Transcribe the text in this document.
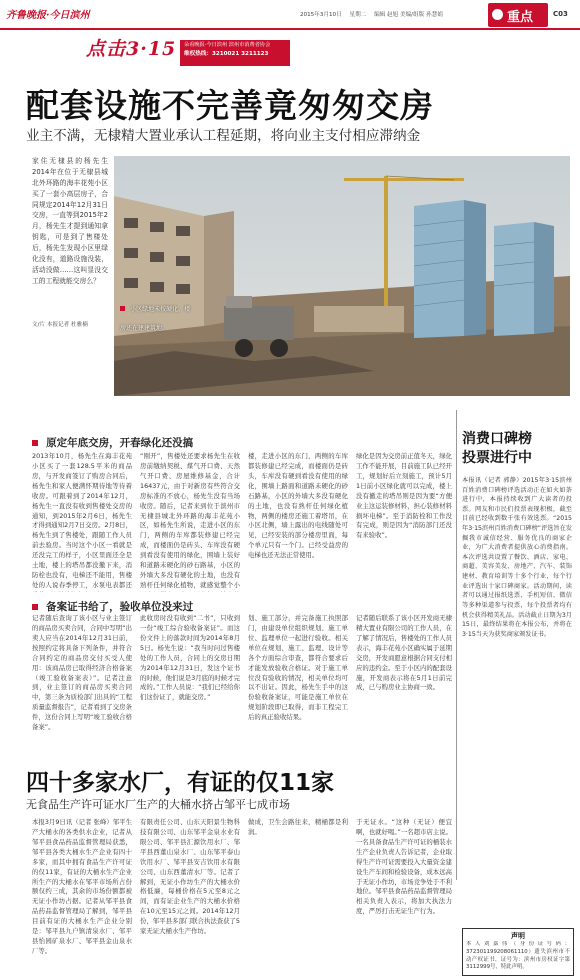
齐鲁晚报·今日滨州	2015年3月10日 星期二 编辑 赵旭 美编/组版 孙慧娟	重点	C03
点击3·15	朵看晚报·今日滨州 滨州市消费者协会
维权热线：3210021 3211123
配套设施不完善竟匆匆交房
业主不满，无棣精大置业承认工程延期，将向业主支付相应滞纳金
家住无棣县的杨先生2014年在位于无棣县城北外环路的海丰花苑小区买了一套小高层房子，合同规定2014年12月31日交房，一直等到2015年2月，杨先生才提到通知拿钥匙，可是到了售楼处后，杨先生发现小区里绿化没有，道路设施没装，活动没做……这叫显没交工的工程就能交房么？
文/片 本报记者 杜雅楠
小区绿地未按硬化，楼房还在建建筑地。
原定年底交房，开春绿化还没搞
2013年10月，杨先生在海丰花苑小区买了一套128.5平米的商品房，与开发商签订了购房合同后，杨先生和家人便满怀期待地等待着收房。可跟着到了2014年12月，杨先生一直没有收到售楼处交房的通知，到2015年2月6日，杨先生才得到通知2月7日交房。2月8日，杨先生到了售楼处，跟随工作人员前去验房。当时这个小区一看就是还没完工的样子，小区里面还全是土地，楼上的塔吊都没撤下来，消防栓也没有，电梯还不能用，售楼处的人说春季停工，水泵电表都还
“刚开”，售楼处还要求杨先生在收房前缴纳契税、煤气开口费、天然气开口费、房屋维修基金，合计16437元，由于对新房有些符合交房标准的不放心，杨先生没有当场收房。随后，记者来到位于滨州市无棣县城北外环路的海丰花苑小区，如杨先生所说，走进小区的东门，两侧的车库都装修建已经完成，而楼面仍是砖头、车库没有硬到看没有使用的绿化，围墙上装好和道路未硬化的砂石路基，小区的外墙大多没有硬化的土地，也没有熟杆任何绿化植物，就感觉整个小
楼，走进小区的东门，两侧的车库都装修建已经完成，而楼面仍是砖头，车库没有硬到看没有使用的绿化，围墙上路面和道路未硬化的砂石路基，小区的外墙大多没有硬化的土地，也没有熟杆任何绿化植物，两侧的楼房还施工着塔吊，在小区北侧，墙上露出的电线随处可见，已经安装的部分楼房里面，每个单元只有一个门。已经受益房的电梯也还无法正常使用。
绿化是因为交房前正值冬天，绿化工作不能开展，目前施工队已经开工，规划好后立刻施工，预计5月1日前小区绿化就可以完成，楼上没有撤走的塔吊则是因为要“方便业主这运装修材料，担心装修材料损坏电梯”。至于消防栓和工作没有完成，则是因为“消防部门还没有来验收”。
备案证书给了，验收单位没来过
记者随后查询了该小区与业主签订的商品房买卖合同，合同中写明“出卖人应当在2014年12月31日前，按照约定将具备下列条件，并符合合同约定的商品房交付买受人使用：该商品房已取得经济合格备案（竣工验收备案表）”。记者注意到，业主签订的商品房买卖合同中，第三条为质检部门出具的“工程质量监督报告”，记者看到了交房条件，这份合同上写明“竣工验收合格备案”。
此收房时没有收到“二书”，只收到一份“竣工综合验收备案证”。而这份文件上的落款时间为2014年8月5日。杨先生说：“我当时问过售楼处的工作人员，合同上的交房日期为2014年12月31日，发这个证书的时候，他们说是3月底的时候才完成的。”工作人员说：“我们已经给你们这份证了，就能交房。”
划、施工部分，并完备施工执照部门，由建设单位组织规划、施工单位、监理单位一起进行验收。相关单位在规划、施工、监理、设计等各个方面综合审查，都符合要求后才能发放验收合格证。对于施工单位没有验收的情况，相关单位均可以不出证。因此，杨先生手中的这份验收备案证，可能是施工单位在规划阶段即已取得，而非工程完工后的真正验收结果。
记者随后联系了该小区开发商无棣精大置业有限公司的工作人员，在了解了情况后，售楼处的工作人员表示，海丰花苑小区确实属于延期交房，开发商愿意根据合同支付相应的违约金。至于小区内的配套设施，开发商表示将在5月1日前完成，已与购房业主协商一致。
消费口碑榜
投票进行中
本报讯（记者 郭静）2015年3·15滨州百姓消费口碑榜评选活动正在如火如荼进行中，本报持续收到广大读者的投票。网友和市民们投票表现积极，截至目前已经收到数千张有效选票。“2015年3·15滨州百姓消费口碑榜”评选旨在发掘我市诚信经营、服务优良的商家企业，为广大消费者提供放心消费指南。本次评选共设置了餐饮、酒店、家电、商超、美容美发、房地产、汽车、装饰建材、教育培训等十多个行业，每个行业评选出十家口碑商家。活动期间，读者可以通过报纸选票、手机短信、微信等多种渠道参与投票，每个投票者均有机会获得精美礼品。活动截止日期为3月15日，最终结果将在本报公布，并将在3·15当天为获奖商家颁发证书。
声明
本人刘嘉伟（身份证号码：372301199208061110）遗失滨州市不动产权证书，证号为：滨州市房权证字第3112999号，特此声明。
四十多家水厂，有证的仅11家
无食品生产许可证水厂生产的大桶水挤占邹平七成市场
本报3月9日讯（记者 张峰）邹平生产大桶水的各类供水企业，记者从邹平县食品药品监督管理局获悉，邹平县各类大桶水生产企业有四十多家，而其中拥有食品生产许可证的仅11家，有证的大桶水生产企业所生产的大桶水在邹平市场所占份额仅约三成，其余的市场份额都被无证小作坊占据。记者从邹平县食品药品监督管理局了解到，邹平县目前有证的大桶水生产企业分别是：邹平县九户镇清泉水厂、邹平县怡园矿泉水厂、邹平县金山泉水厂等。
有限责任公司、山东天阳景生物科技有限公司、山东邹平金泉水业有限公司、邹平县汇源饮用水厂、邹平县西董山泉水厂、山东邹平泰山饮用水厂、邹平县安吉饮用水有限公司、山东西董清水厂等。记者了解到，无证小作坊生产的大桶水价格低廉，每桶价格在5元至8元之间，而有证企业生产的大桶水价格在10元至15元之间。2014年12月份，邹平县多部门联合执法查获了5家无证大桶水生产作坊。
做成，卫生会路往来，精桶都是利润。
于无证水。“这种（无证）便宜啊，也就好喝。”一名超市店主说。一名具备食品生产许可证的桶装水生产企业负责人告诉记者，企业取得生产许可证需要投入大量资金建设生产车间和检验设备，成本远高于无证小作坊，市场竞争处于不利地位。邹平县食品药品监督管理局相关负责人表示，将加大执法力度，严厉打击无证生产行为。
